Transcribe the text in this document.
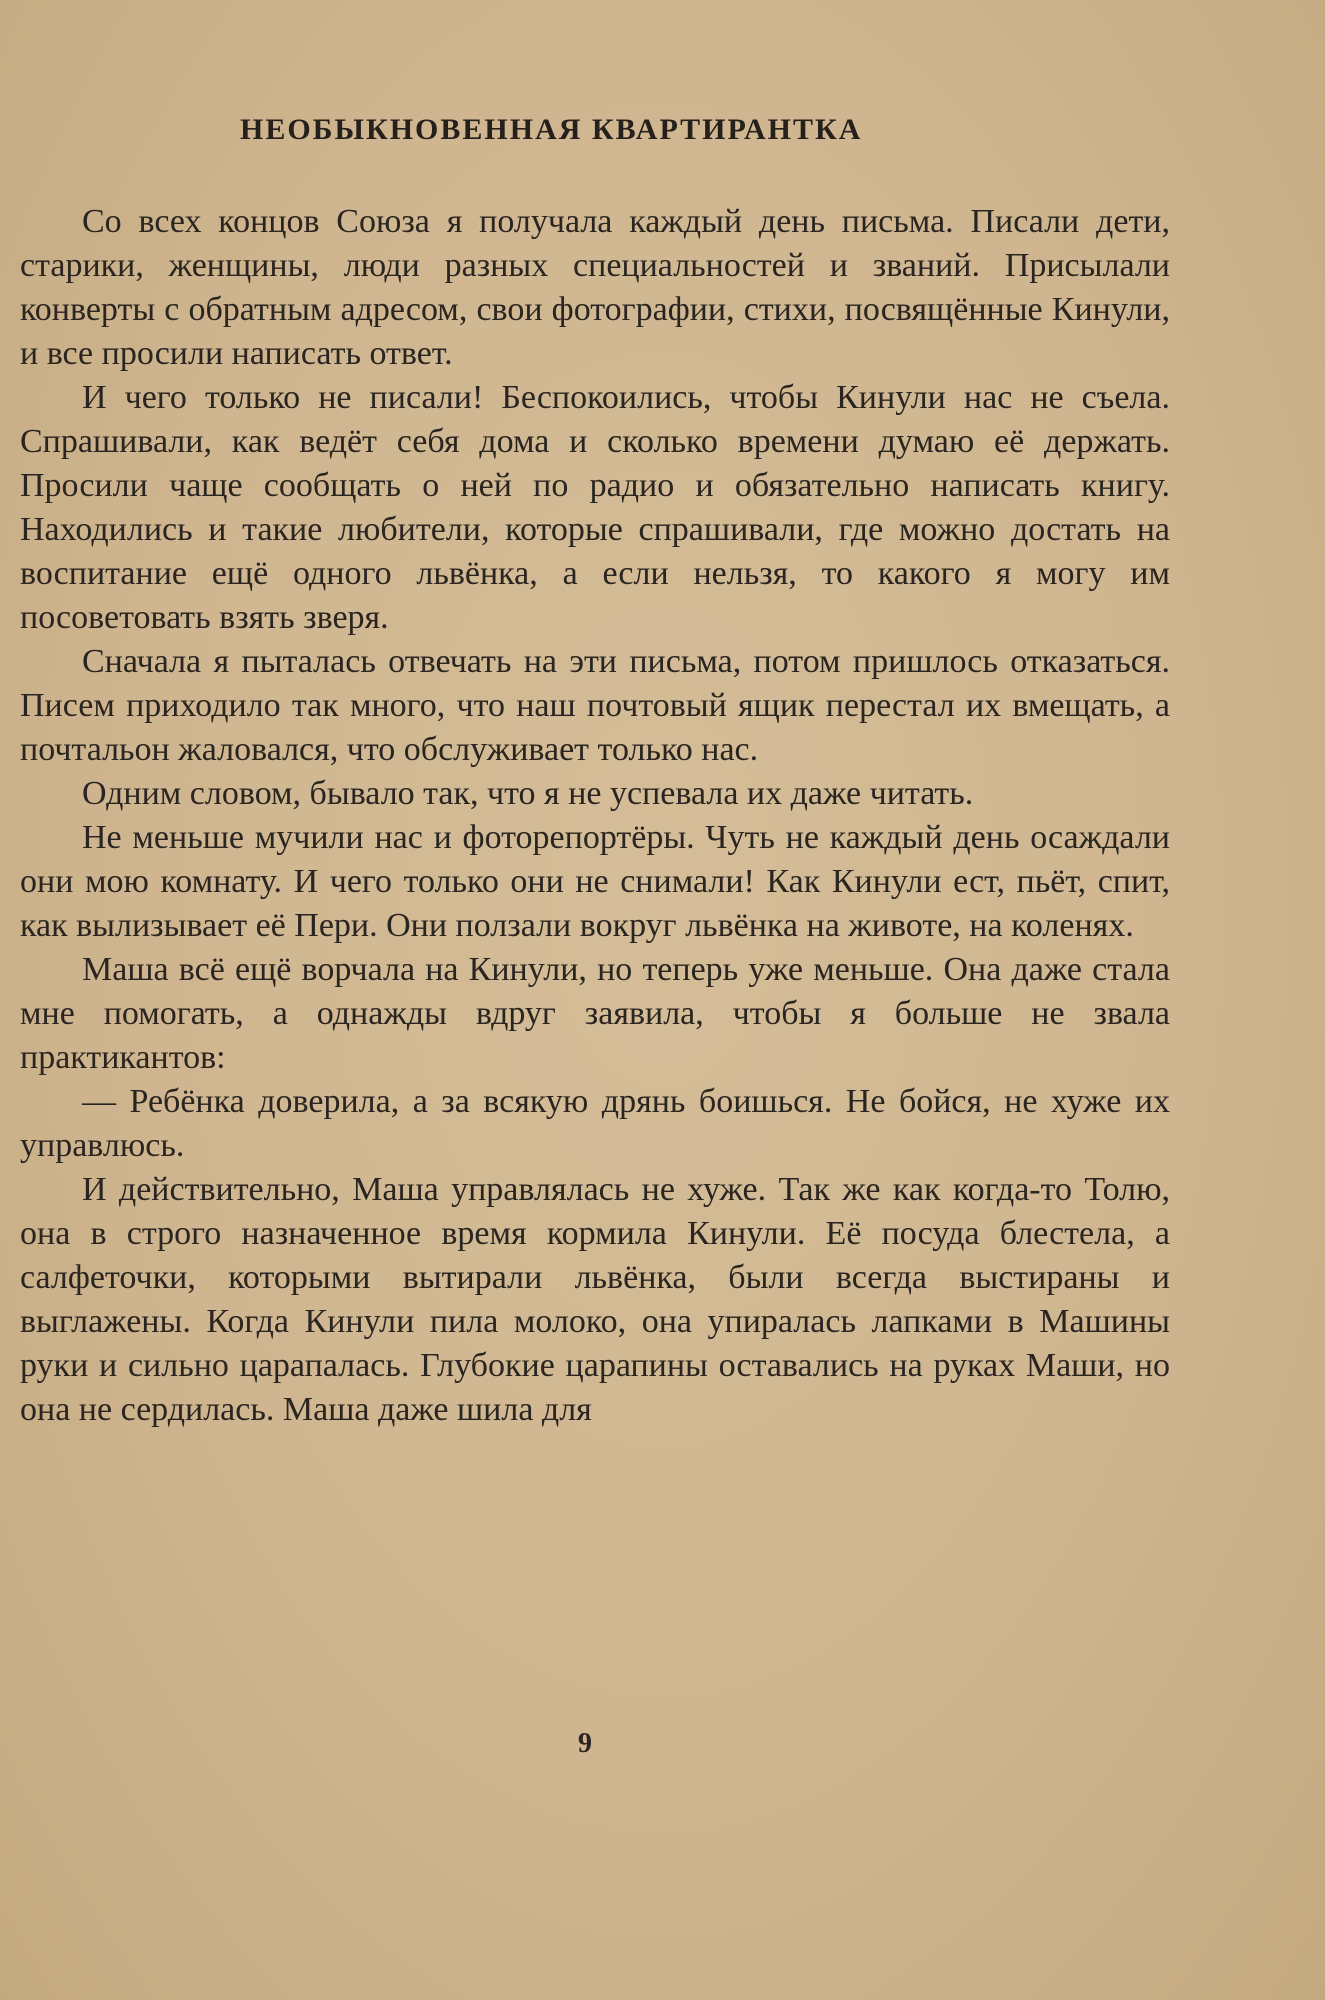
НЕОБЫКНОВЕННАЯ КВАРТИРАНТКА

Со всех концов Союза я получала каждый день письма. Писали дети, старики, женщины, люди разных специальностей и званий. Присылали конверты с обратным адресом, свои фотографии, стихи, посвящённые Кинули, и все просили написать ответ.

И чего только не писали! Беспокоились, чтобы Кинули нас не съела. Спрашивали, как ведёт себя дома и сколько времени думаю её держать. Просили чаще сообщать о ней по радио и обязательно написать книгу. Находились и такие любители, которые спрашивали, где можно достать на воспитание ещё одного львёнка, а если нельзя, то какого я могу им посоветовать взять зверя.

Сначала я пыталась отвечать на эти письма, потом пришлось отказаться. Писем приходило так много, что наш почтовый ящик перестал их вмещать, а почтальон жаловался, что обслуживает только нас.

Одним словом, бывало так, что я не успевала их даже читать.

Не меньше мучили нас и фоторепортёры. Чуть не каждый день осаждали они мою комнату. И чего только они не снимали! Как Кинули ест, пьёт, спит, как вылизывает её Пери. Они ползали вокруг львёнка на животе, на коленях.

Маша всё ещё ворчала на Кинули, но теперь уже меньше. Она даже стала мне помогать, а однажды вдруг заявила, чтобы я больше не звала практикантов:

— Ребёнка доверила, а за всякую дрянь боишься. Не бойся, не хуже их управлюсь.

И действительно, Маша управлялась не хуже. Так же как когда-то Толю, она в строго назначенное время кормила Кинули. Её посуда блестела, а салфеточки, которыми вытирали львёнка, были всегда выстираны и выглажены. Когда Кинули пила молоко, она упиралась лапками в Машины руки и сильно царапалась. Глубокие царапины оставались на руках Маши, но она не сердилась. Маша даже шила для

9
